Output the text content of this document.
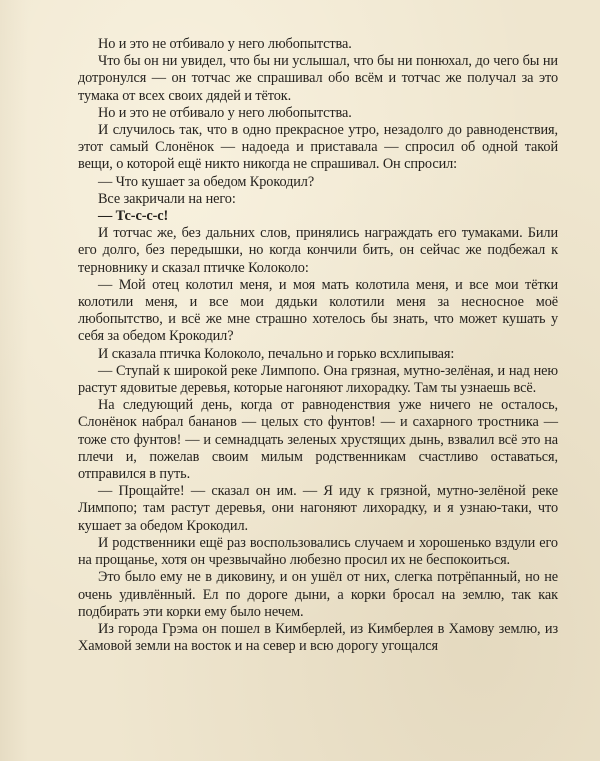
Но и это не отбивало у него любопытства.

Что бы он ни увидел, что бы ни услышал, что бы ни понюхал, до чего бы ни дотронулся — он тотчас же спрашивал обо всём и тотчас же получал за это тумака от всех своих дядей и тёток.

Но и это не отбивало у него любопытства.

И случилось так, что в одно прекрасное утро, незадолго до равноденствия, этот самый Слонёнок — надоеда и приставала — спросил об одной такой вещи, о которой ещё никто никогда не спрашивал. Он спросил:

— Что кушает за обедом Крокодил?

Все закричали на него:

— Тс-с-с-с!

И тотчас же, без дальних слов, принялись награждать его тумаками. Били его долго, без передышки, но когда кончили бить, он сейчас же подбежал к терновнику и сказал птичке Колоколо:

— Мой отец колотил меня, и моя мать колотила меня, и все мои тётки колотили меня, и все мои дядьки колотили меня за несносное моё любопытство, и всё же мне страшно хотелось бы знать, что может кушать у себя за обедом Крокодил?

И сказала птичка Колоколо, печально и горько всхлипывая:

— Ступай к широкой реке Лимпопо. Она грязная, мутно-зелёная, и над нею растут ядовитые деревья, которые нагоняют лихорадку. Там ты узнаешь всё.

На следующий день, когда от равноденствия уже ничего не осталось, Слонёнок набрал бананов — целых сто фунтов! — и сахарного тростника — тоже сто фунтов! — и семнадцать зеленых хрустящих дынь, взвалил всё это на плечи и, пожелав своим милым родственникам счастливо оставаться, отправился в путь.

— Прощайте! — сказал он им. — Я иду к грязной, мутно-зелёной реке Лимпопо; там растут деревья, они нагоняют лихорадку, и я узнаю-таки, что кушает за обедом Крокодил.

И родственники ещё раз воспользовались случаем и хорошенько вздули его на прощанье, хотя он чрезвычайно любезно просил их не беспокоиться.

Это было ему не в диковину, и он ушёл от них, слегка потрёпанный, но не очень удивлённый. Ел по дороге дыни, а корки бросал на землю, так как подбирать эти корки ему было нечем.

Из города Грэма он пошел в Кимберлей, из Кимберлея в Хамову землю, из Хамовой земли на восток и на север и всю дорогу угощался
